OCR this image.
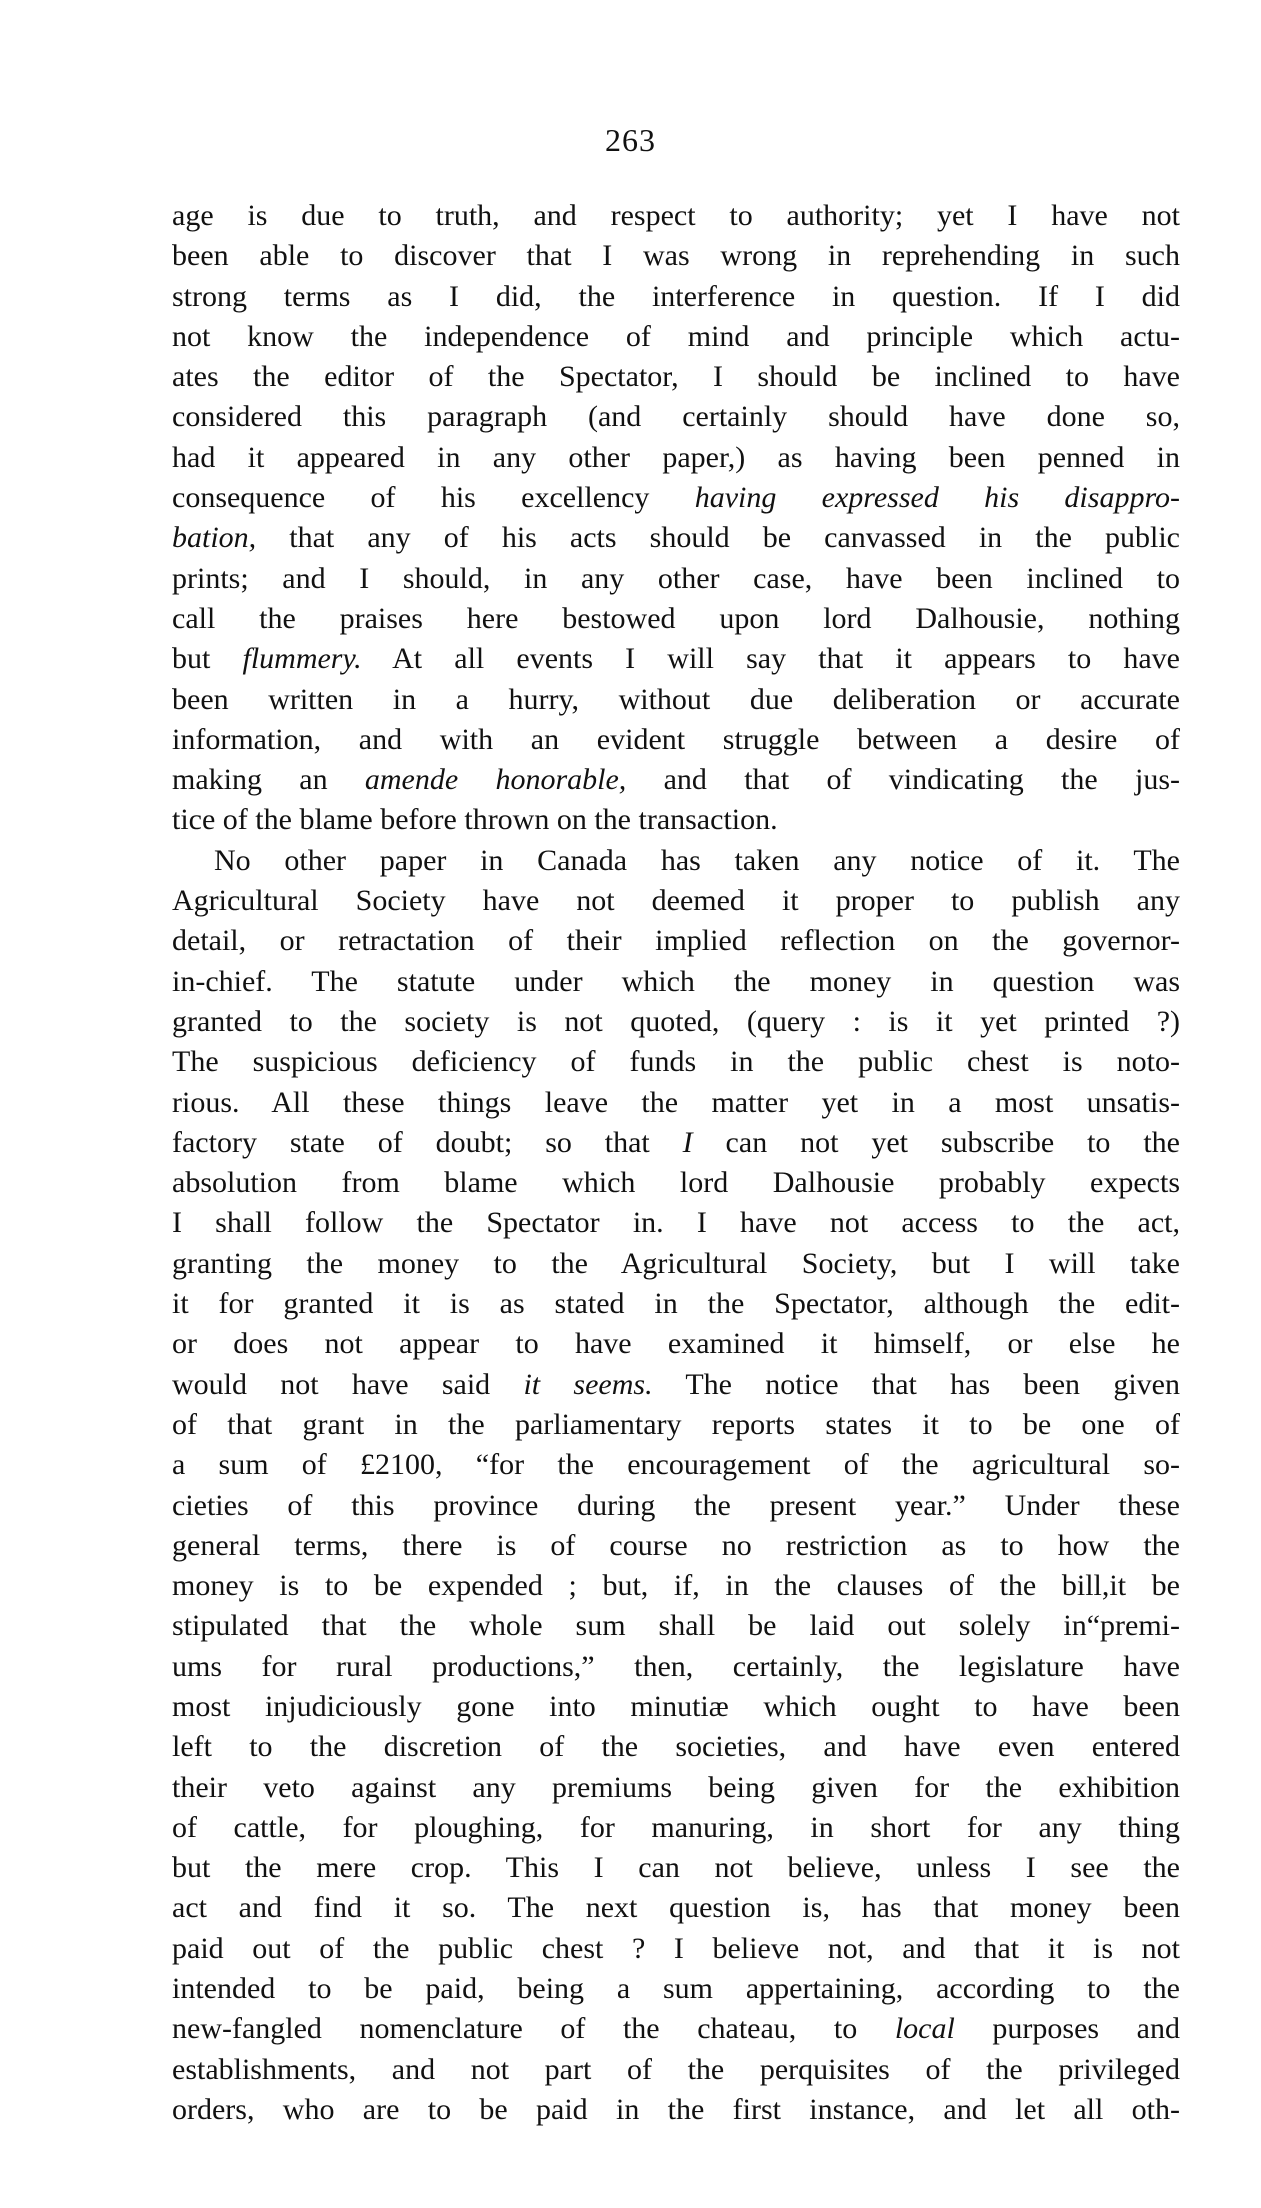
263
age is due to truth, and respect to authority; yet I have not
been able to discover that I was wrong in reprehending in such
strong terms as I did, the interference in question. If I did
not know the independence of mind and principle which actu-
ates the editor of the Spectator, I should be inclined to have
considered this paragraph (and certainly should have done so,
had it appeared in any other paper,) as having been penned in
consequence of his excellency having expressed his disappro-
bation, that any of his acts should be canvassed in the public
prints; and I should, in any other case, have been inclined to
call the praises here bestowed upon lord Dalhousie, nothing
but flummery. At all events I will say that it appears to have
been written in a hurry, without due deliberation or accurate
information, and with an evident struggle between a desire of
making an amende honorable, and that of vindicating the jus-
tice of the blame before thrown on the transaction.
No other paper in Canada has taken any notice of it. The
Agricultural Society have not deemed it proper to publish any
detail, or retractation of their implied reflection on the governor-
in-chief. The statute under which the money in question was
granted to the society is not quoted, (query : is it yet printed ?)
The suspicious deficiency of funds in the public chest is noto-
rious. All these things leave the matter yet in a most unsatis-
factory state of doubt; so that I can not yet subscribe to the
absolution from blame which lord Dalhousie probably expects
I shall follow the Spectator in. I have not access to the act,
granting the money to the Agricultural Society, but I will take
it for granted it is as stated in the Spectator, although the edit-
or does not appear to have examined it himself, or else he
would not have said it seems. The notice that has been given
of that grant in the parliamentary reports states it to be one of
a sum of £2100, “for the encouragement of the agricultural so-
cieties of this province during the present year.” Under these
general terms, there is of course no restriction as to how the
money is to be expended ; but, if, in the clauses of the bill,it be
stipulated that the whole sum shall be laid out solely in“premi-
ums for rural productions,” then, certainly, the legislature have
most injudiciously gone into minutiæ which ought to have been
left to the discretion of the societies, and have even entered
their veto against any premiums being given for the exhibition
of cattle, for ploughing, for manuring, in short for any thing
but the mere crop. This I can not believe, unless I see the
act and find it so. The next question is, has that money been
paid out of the public chest ? I believe not, and that it is not
intended to be paid, being a sum appertaining, according to the
new-fangled nomenclature of the chateau, to local purposes and
establishments, and not part of the perquisites of the privileged
orders, who are to be paid in the first instance, and let all oth-
